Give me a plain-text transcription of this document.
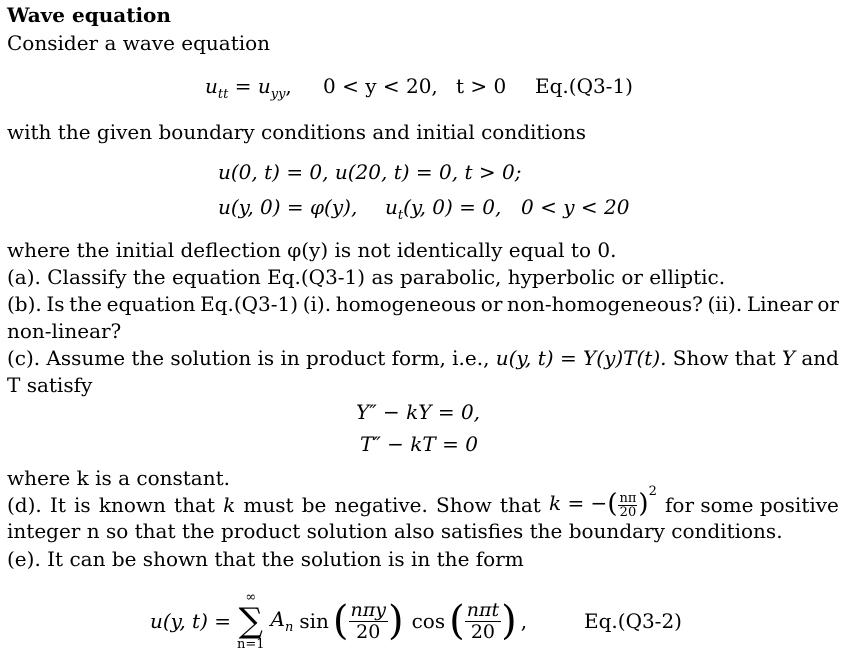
Wave equation
Consider a wave equation
$u_{tt} = u_{yy}$, 0 < y < 20, t > 0 Eq.(Q3-1)
with the given boundary conditions and initial conditions
u(0, t) = 0, u(20, t) = 0, t > 0;
u(y, 0) = φ(y), $u_t(y$, 0) = 0, 0 < y < 20
where the initial deflection φ(y) is not identically equal to 0.
(a). Classify the equation Eq.(Q3-1) as parabolic, hyperbolic or elliptic.
(b). Is the equation Eq.(Q3-1) (i). homogeneous or non-homogeneous? (ii). Linear or
non-linear?
(c). Assume the solution is in product form, i.e., u(y, t) = Y(y)T(t). Show that Y and
T satisfy
Y″ − kY = 0,
T″ − kT = 0
where k is a constant.
(d). It is known that k must be negative. Show that k = −( $\frac{n\pi}{20} )^2$
for some positive
integer n so that the product solution also satisfies the boundary conditions.
(e). It can be shown that the solution is in the form
u(y, t) =
∞
∑
n=1
$A_n$ sin ( nπy
20 ) cos ( nπt
20 ) ,	Eq.(Q3-2)
